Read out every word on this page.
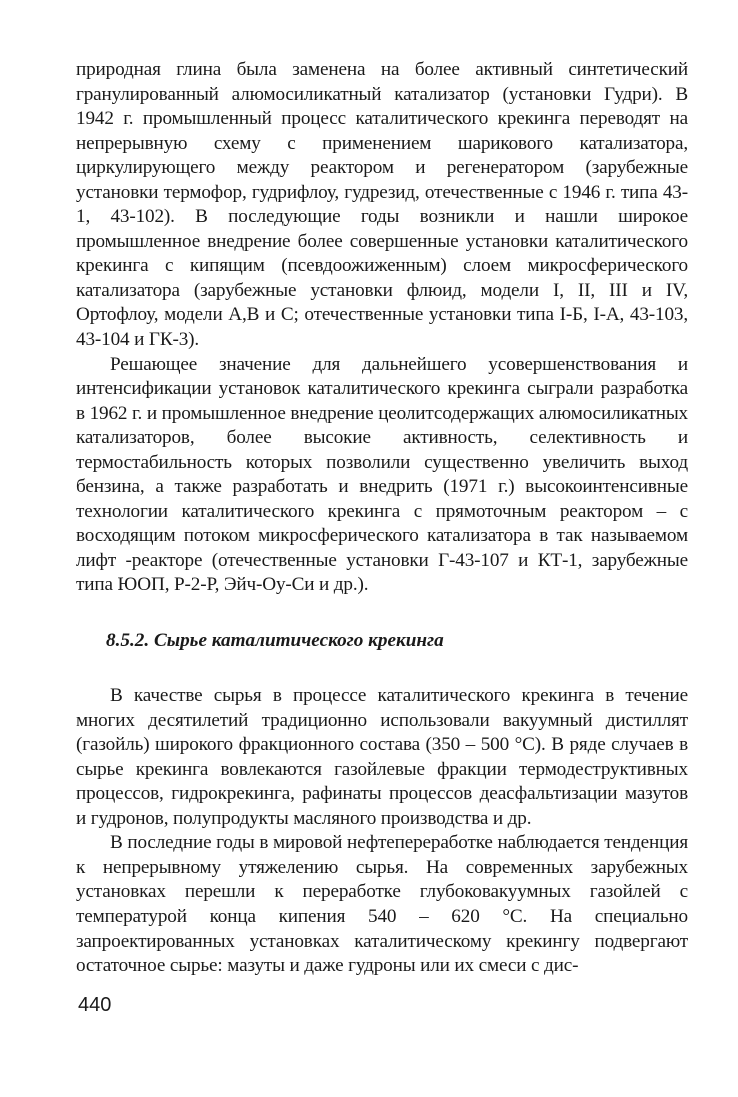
природная глина была заменена на более активный синтетический гранулированный алюмосиликатный катализатор (установки Гудри). В 1942 г. промышленный процесс каталитического крекинга переводят на непрерывную схему с применением шарикового катализатора, циркулирующего между реактором и регенератором (зарубежные установки термофор, гудрифлоу, гудрезид, отечественные с 1946 г. типа 43-1, 43-102). В последующие годы возникли и нашли широкое промышленное внедрение более совершенные установки каталитического крекинга с кипящим (псевдоожиженным) слоем микросферического катализатора (зарубежные установки флюид, модели I, II, III и IV, Ортофлоу, модели А,В и С; отечественные установки типа I-Б, I-А, 43-103, 43-104 и ГК-3).

Решающее значение для дальнейшего усовершенствования и интенсификации установок каталитического крекинга сыграли разработка в 1962 г. и промышленное внедрение цеолитсодержащих алюмосиликатных катализаторов, более высокие активность, селективность и термостабильность которых позволили существенно увеличить выход бензина, а также разработать и внедрить (1971 г.) высокоинтенсивные технологии каталитического крекинга с прямоточным реактором – с восходящим потоком микросферического катализатора в так называемом лифт -реакторе (отечественные установки Г-43-107 и КТ-1, зарубежные типа ЮОП, Р-2-Р, Эйч-Оу-Си и др.).

8.5.2. Сырье каталитического крекинга

В качестве сырья в процессе каталитического крекинга в течение многих десятилетий традиционно использовали вакуумный дистиллят (газойль) широкого фракционного состава (350 – 500 °С). В ряде случаев в сырье крекинга вовлекаются газойлевые фракции термодеструктивных процессов, гидрокрекинга, рафинаты процессов деасфальтизации мазутов и гудронов, полупродукты масляного производства и др.

В последние годы в мировой нефтепереработке наблюдается тенденция к непрерывному утяжелению сырья. На современных зарубежных установках перешли к переработке глубоковакуумных газойлей с температурой конца кипения 540 – 620 °С. На специально запроектированных установках каталитическому крекингу подвергают остаточное сырье: мазуты и даже гудроны или их смеси с дис-

440
